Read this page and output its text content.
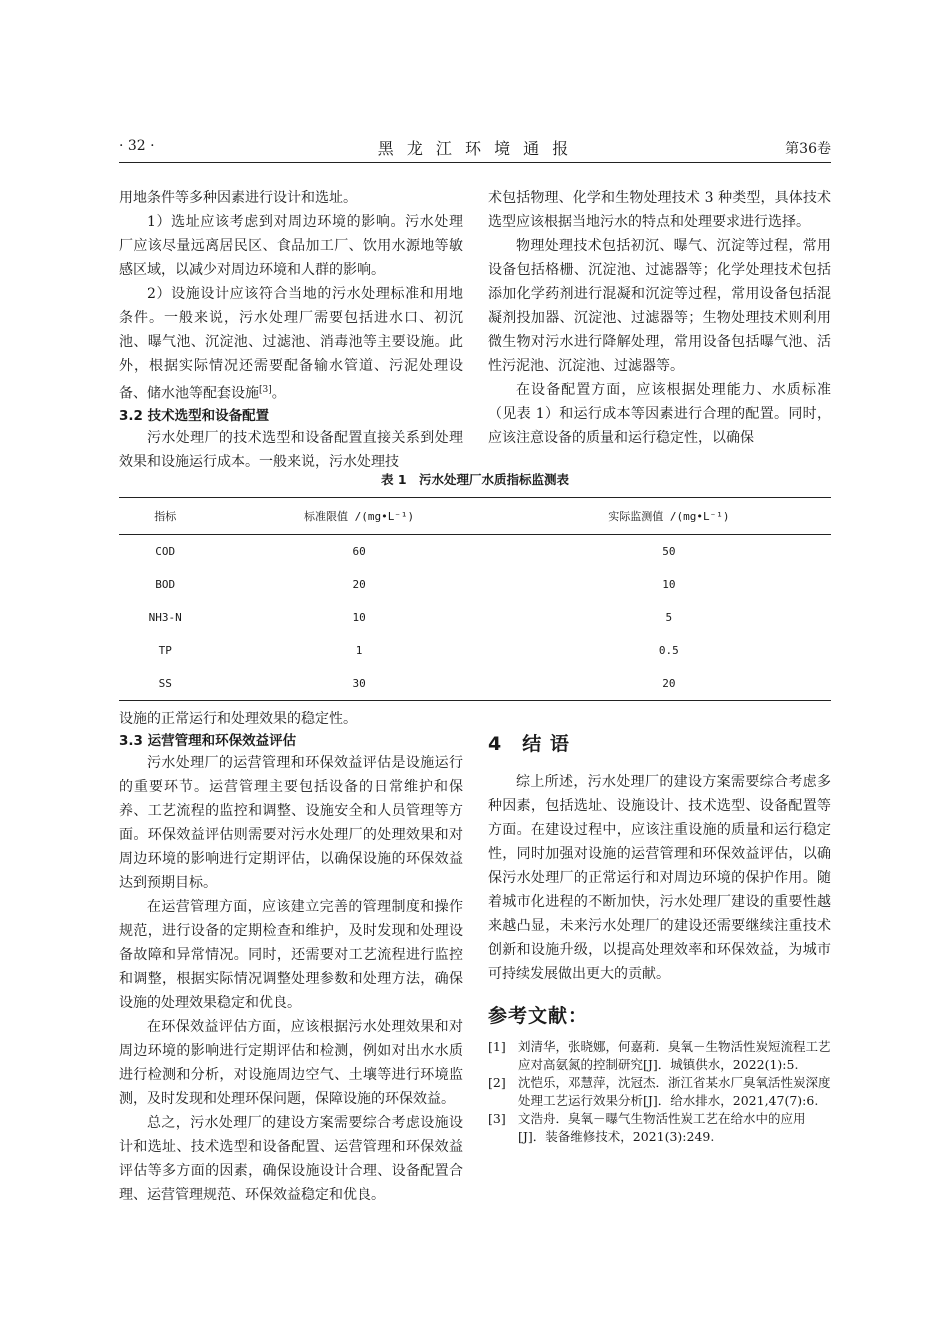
· 32 ·	黑 龙 江 环 境 通 报	第36卷

用地条件等多种因素进行设计和选址。

1）选址应该考虑到对周边环境的影响。污水处理厂应该尽量远离居民区、食品加工厂、饮用水源地等敏感区域，以减少对周边环境和人群的影响。

2）设施设计应该符合当地的污水处理标准和用地条件。一般来说，污水处理厂需要包括进水口、初沉池、曝气池、沉淀池、过滤池、消毒池等主要设施。此外，根据实际情况还需要配备输水管道、污泥处理设备、储水池等配套设施[3]。

3.2 技术选型和设备配置

污水处理厂的技术选型和设备配置直接关系到处理效果和设施运行成本。一般来说，污水处理技

术包括物理、化学和生物处理技术 3 种类型，具体技术选型应该根据当地污水的特点和处理要求进行选择。

物理处理技术包括初沉、曝气、沉淀等过程，常用设备包括格栅、沉淀池、过滤器等；化学处理技术包括添加化学药剂进行混凝和沉淀等过程，常用设备包括混凝剂投加器、沉淀池、过滤器等；生物处理技术则利用微生物对污水进行降解处理，常用设备包括曝气池、活性污泥池、沉淀池、过滤器等。

在设备配置方面，应该根据处理能力、水质标准（见表 1）和运行成本等因素进行合理的配置。同时，应该注意设备的质量和运行稳定性，以确保

表 1　污水处理厂水质指标监测表
指标	标准限值 /(mg•L⁻¹)	实际监测值 /(mg•L⁻¹)
COD	60	50
BOD	20	10
NH3-N	10	5
TP	1	0.5
SS	30	20

设施的正常运行和处理效果的稳定性。

3.3 运营管理和环保效益评估

污水处理厂的运营管理和环保效益评估是设施运行的重要环节。运营管理主要包括设备的日常维护和保养、工艺流程的监控和调整、设施安全和人员管理等方面。环保效益评估则需要对污水处理厂的处理效果和对周边环境的影响进行定期评估，以确保设施的环保效益达到预期目标。

在运营管理方面，应该建立完善的管理制度和操作规范，进行设备的定期检查和维护，及时发现和处理设备故障和异常情况。同时，还需要对工艺流程进行监控和调整，根据实际情况调整处理参数和处理方法，确保设施的处理效果稳定和优良。

在环保效益评估方面，应该根据污水处理效果和对周边环境的影响进行定期评估和检测，例如对出水水质进行检测和分析，对设施周边空气、土壤等进行环境监测，及时发现和处理环保问题，保障设施的环保效益。

总之，污水处理厂的建设方案需要综合考虑设施设计和选址、技术选型和设备配置、运营管理和环保效益评估等多方面的因素，确保设施设计合理、设备配置合理、运营管理规范、环保效益稳定和优良。

4　结 语

综上所述，污水处理厂的建设方案需要综合考虑多种因素，包括选址、设施设计、技术选型、设备配置等方面。在建设过程中，应该注重设施的质量和运行稳定性，同时加强对设施的运营管理和环保效益评估，以确保污水处理厂的正常运行和对周边环境的保护作用。随着城市化进程的不断加快，污水处理厂建设的重要性越来越凸显，未来污水处理厂的建设还需要继续注重技术创新和设施升级，以提高处理效率和环保效益，为城市可持续发展做出更大的贡献。

参考文献：
[1] 刘清华，张晓娜，何嘉莉．臭氧－生物活性炭短流程工艺应对高氨氮的控制研究[J]．城镇供水，2022(1):5.
[2] 沈恺乐，邓慧萍，沈冠杰．浙江省某水厂臭氧活性炭深度处理工艺运行效果分析[J]．给水排水，2021,47(7):6.
[3] 文浩舟．臭氧－曝气生物活性炭工艺在给水中的应用[J]．装备维修技术，2021(3):249.
